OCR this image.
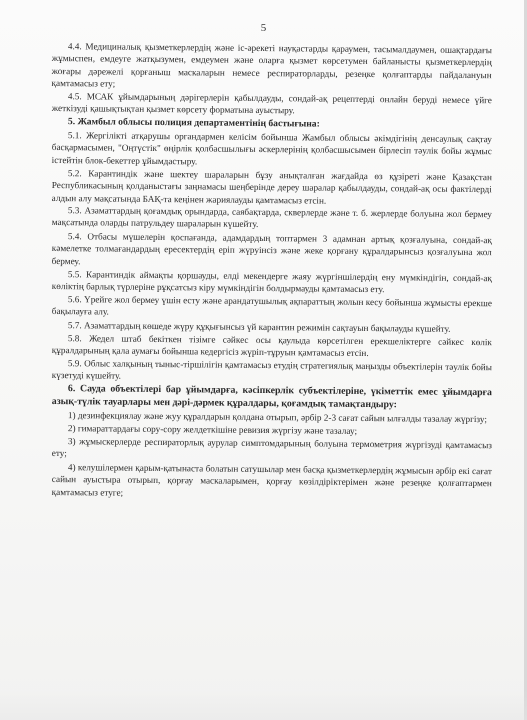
5

4.4. Медициналық қызметкерлердің және іс-әрекеті науқастарды қараумен, тасымалдаумен, ошақтардағы жұмыспен, емдеуге жатқызумен, емдеумен және оларға қызмет көрсетумен байланысты қызметкерлердің жоғары дәрежелі қорғаныш маскаларын немесе респираторларды, резеңке қолғаптарды пайдалануын қамтамасыз ету;

4.5. МСАК ұйымдарының дәрігерлерін қабылдауды, сондай-ақ рецептерді онлайн беруді немесе үйге жеткізуді қашықтықтан қызмет көрсету форматына ауыстыру.

5. Жамбыл облысы полиция департаментінің бастығына:

5.1. Жергілікті атқарушы органдармен келісім бойынша Жамбыл облысы әкімдігінің денсаулық сақтау басқармасымен, "Оңтүстік" өңірлік қолбасшылығы әскерлерінің қолбасшысымен бірлесіп тәулік бойы жұмыс істейтін блок-бекеттер ұйымдастыру.

5.2. Карантиндік және шектеу шараларын бұзу анықталған жағдайда өз құзіреті және Қазақстан Республикасының қолданыстағы заңнамасы шеңберінде дереу шаралар қабылдауды, сондай-ақ осы фактілерді алдын алу мақсатында БАҚ-та кеңінен жариялауды қамтамасыз етсін.

5.3. Азаматтардың қоғамдық орындарда, саябақтарда, скверлерде және т. б. жерлерде болуына жол бермеу мақсатында оларды патрульдеу шараларын күшейту.

5.4. Отбасы мүшелерін қоспағанда, адамдардың топтармен 3 адамнан артық қозғалуына, сондай-ақ кәмелетке толмағандардың ересектердің еріп жүруінсіз және жеке қорғану құралдарынсыз қозғалуына жол бермеу.

5.5. Карантиндік аймақты қоршауды, елді мекендерге жаяу жүргіншілердің ену мүмкіндігін, сондай-ақ көліктің барлық түрлеріне рұқсатсыз кіру мүмкіндігін болдырмауды қамтамасыз ету.

5.6. Үрейге жол бермеу үшін есту және арандатушылық ақпараттың жолын кесу бойынша жұмысты ерекше бақылауға алу.

5.7. Азаматтардың көшеде жүру құқығынсыз үй карантин режимін сақтауын бақылауды күшейту.

5.8. Жедел штаб бекіткен тізімге сәйкес осы қаулыда көрсетілген ерекшеліктерге сәйкес көлік құралдарының қала аумағы бойынша кедергісіз жүріп-тұруын қамтамасыз етсін.

5.9. Облыс халқының тыныс-тіршілігін қамтамасыз етудің стратегиялық маңызды объектілерін тәулік бойы күзетуді күшейту.

6. Сауда объектілері бар ұйымдарға, кәсіпкерлік субъектілеріне, үкіметтік емес ұйымдарға азық-түлік тауарлары мен дәрі-дәрмек құралдары, қоғамдық тамақтандыру:

1) дезинфекциялау және жуу құралдарын қолдана отырып, әрбір 2-3 сағат сайын ылғалды тазалау жүргізу;

2) гимараттардағы сору-сору желдеткішіне ревизия жүргізу және тазалау;

3) жұмыскерлерде респираторлық аурулар симптомдарының болуына термометрия жүргізуді қамтамасыз ету;

4) келушілермен қарым-қатынаста болатын сатушылар мен басқа қызметкерлердің жұмысын әрбір екі сағат сайын ауыстыра отырып, қорғау маскаларымен, қорғау көзілдіріктерімен және резеңке қолғаптармен қамтамасыз етуге;
